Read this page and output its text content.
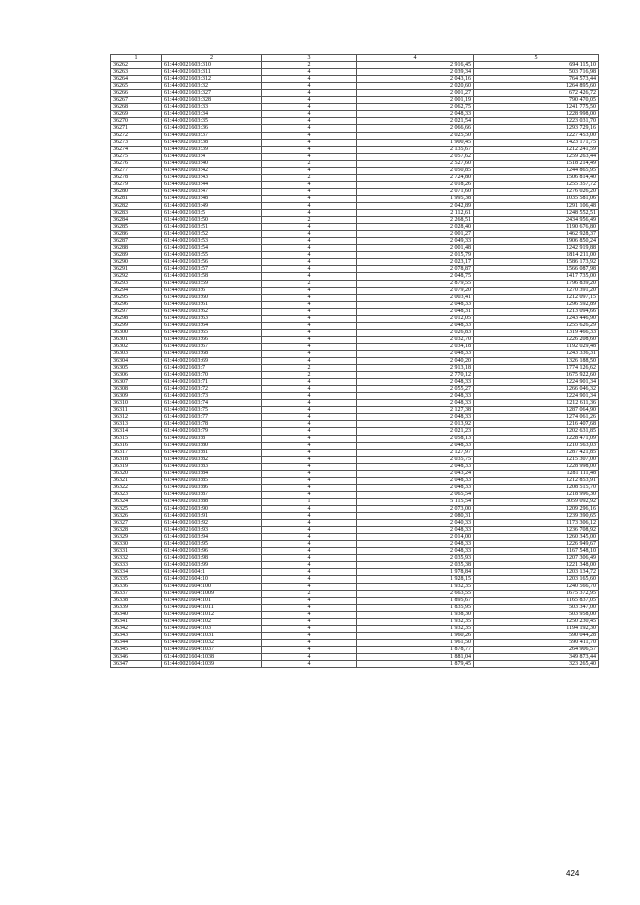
1	2	3	4	5
36262	61:44:0021603:310	2	2 916,45	694 115,10
36263	61:44:0021603:311	4	2 039,34	503 716,98
36264	61:44:0021603:312	4	2 043,16	764 573,44
36265	61:44:0021603:32	4	2 020,60	1264 895,60
36266	61:44:0021603:327	4	2 001,27	672 426,72
36267	61:44:0021603:328	4	2 001,19	790 470,05
36268	61:44:0021603:33	4	2 062,75	1241 775,50
36269	61:44:0021603:34	4	2 048,33	1228 998,00
36270	61:44:0021603:35	4	2 021,54	1223 031,70
36271	61:44:0021603:36	4	2 066,66	1293 729,16
36272	61:44:0021603:37	4	2 025,50	1227 453,00
36273	61:44:0021603:38	4	1 900,45	1423 171,75
36274	61:44:0021603:39	4	2 135,67	1212 241,59
36275	61:44:0021603:4	4	2 057,62	1259 263,44
36276	61:44:0021603:40	2	2 527,60	1518 214,49
36277	61:44:0021603:42	4	2 050,85	1244 865,95
36278	61:44:0021603:43	2	2 724,80	1506 814,40
36279	61:44:0021603:44	4	2 018,26	1255 357,72
36280	61:44:0021603:47	4	2 071,60	1276 026,20
36281	61:44:0021603:48	4	1 995,38	1035 581,06
36282	61:44:0021603:49	4	2 042,89	1291 106,48
36283	61:44:0021603:5	4	2 112,61	1248 552,51
36284	61:44:0021603:50	2	2 268,51	2434 956,49
36285	61:44:0021603:51	4	2 028,40	1190 676,80
36286	61:44:0021603:52	4	2 001,27	1462 928,37
36287	61:44:0021603:53	4	2 049,33	1906 850,24
36288	61:44:0021603:54	4	2 001,48	1242 919,88
36289	61:44:0021603:55	4	2 015,79	1814 211,00
36290	61:44:0021603:56	4	2 023,17	1586 173,92
36291	61:44:0021603:57	4	2 078,87	1566 087,98
36292	61:44:0021603:58	4	2 048,75	1417 735,00
36293	61:44:0021603:59	2	2 879,55	1796 839,20
36294	61:44:0021603:6	4	2 079,20	1270 391,20
36295	61:44:0021603:60	4	2 003,41	1212 097,15
36296	61:44:0021603:61	4	2 048,33	1296 592,89
36297	61:44:0021603:62	4	2 048,31	1213 094,66
36298	61:44:0021603:63	4	2 012,05	1243 446,90
36299	61:44:0021603:64	4	2 048,33	1255 626,29
36300	61:44:0021603:65	4	2 026,83	1319 466,33
36301	61:44:0021603:66	4	2 032,70	1226 208,60
36302	61:44:0021603:67	4	2 034,18	1192 029,48
36303	61:44:0021603:68	4	2 048,33	1243 336,31
36304	61:44:0021603:69	4	2 040,20	1326 188,50
36305	61:44:0021603:7	2	2 913,18	1774 126,62
36306	61:44:0021603:70	2	2 770,12	1675 922,60
36307	61:44:0021603:71	4	2 048,33	1224 901,34
36308	61:44:0021603:72	4	2 055,27	1266 046,32
36309	61:44:0021603:73	4	2 048,33	1224 901,34
36310	61:44:0021603:74	4	2 048,33	1212 611,36
36311	61:44:0021603:75	4	2 127,38	1287 064,90
36312	61:44:0021603:77	4	2 048,33	1274 061,26
36313	61:44:0021603:78	4	2 013,92	1216 407,68
36314	61:44:0021603:79	4	2 021,23	1202 631,85
36315	61:44:0021603:8	4	2 058,13	1228 471,09
36316	61:44:0021603:80	4	2 048,33	1210 563,03
36317	61:44:0021603:81	4	2 127,97	1287 421,85
36318	61:44:0021603:82	4	2 035,75	1215 307,00
36319	61:44:0021603:83	4	2 048,33	1228 998,00
36320	61:44:0021603:84	4	2 043,24	1281 111,48
36321	61:44:0021603:85	4	2 048,33	1212 853,91
36322	61:44:0021603:86	4	2 048,33	1208 515,70
36323	61:44:0021603:87	4	2 065,54	1218 996,30
36324	61:44:0021603:88	1	5 115,54	3059 092,92
36325	61:44:0021603:90	4	2 073,00	1209 296,16
36326	61:44:0021603:91	4	2 080,31	1239 390,65
36327	61:44:0021603:92	4	2 040,33	1173 306,12
36328	61:44:0021603:93	4	2 048,33	1236 708,92
36329	61:44:0021603:94	4	2 014,00	1260 345,00
36330	61:44:0021603:95	4	2 048,33	1226 949,67
36331	61:44:0021603:96	4	2 048,33	1167 548,10
36332	61:44:0021603:98	4	2 035,93	1207 306,49
36333	61:44:0021603:99	4	2 035,38	1221 348,00
36334	61:44:0021604:1	4	1 978,84	1203 134,72
36335	61:44:0021604:10	4	1 928,15	1203 165,60
36336	61:44:0021604:100	4	1 932,35	1240 566,70
36337	61:44:0021604:1009	2	2 663,55	1675 372,95
36338	61:44:0021604:101	4	1 895,67	1165 837,05
36339	61:44:0021604:1011	4	1 835,95	503 347,00
36340	61:44:0021604:1012	4	1 938,30	503 958,00
36341	61:44:0021604:102	4	1 932,35	1250 230,45
36342	61:44:0021604:103	4	1 932,35	1194 192,30
36343	61:44:0021604:1031	4	1 960,26	590 044,28
36344	61:44:0021604:1032	4	1 961,50	590 411,70
36345	61:44:0021604:1037	4	1 878,77	264 906,57
36346	61:44:0021604:1038	4	1 881,04	349 873,44
36347	61:44:0021604:1039	4	1 879,45	323 265,40
424
